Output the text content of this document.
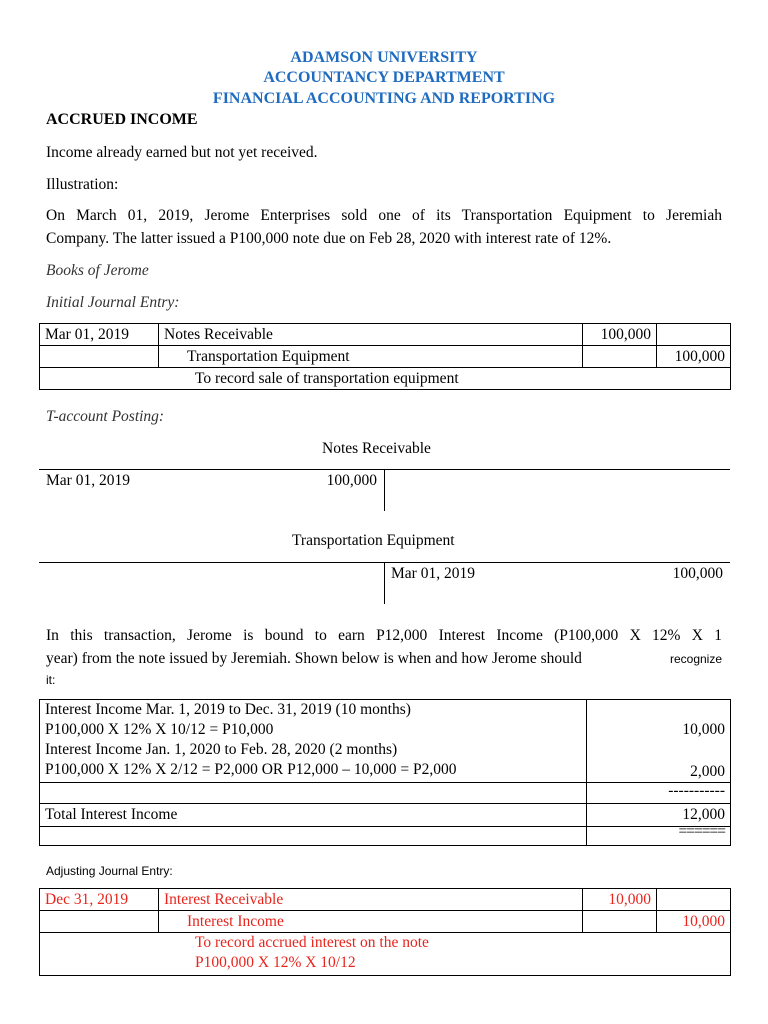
ADAMSON UNIVERSITY
ACCOUNTANCY DEPARTMENT
FINANCIAL ACCOUNTING AND REPORTING
ACCRUED INCOME
Income already earned but not yet received.
Illustration:
On March 01, 2019, Jerome Enterprises sold one of its Transportation Equipment to Jeremiah
Company. The latter issued a P100,000 note due on Feb 28, 2020 with interest rate of 12%.
Books of Jerome
Initial Journal Entry:
Mar 01, 2019	Notes Receivable	100,000	
	Transportation Equipment		100,000
To record sale of transportation equipment			
T-account Posting:
Notes Receivable
Mar 01, 2019	100,000
Transportation Equipment
Mar 01, 2019	100,000
In this transaction, Jerome is bound to earn P12,000 Interest Income (P100,000 X 12% X 1
year) from the note issued by Jeremiah. Shown below is when and how Jerome should	recognize
it:
Interest Income Mar. 1, 2019 to Dec. 31, 2019 (10 months)
P100,000 X 12% X 10/12 = P10,000	10,000

Interest Income Jan. 1, 2020 to Feb. 28, 2020 (2 months)
P100,000 X 12% X 2/12 = P2,000 OR P12,000 – 10,000 = P2,000	2,000
	-----------
Total Interest Income	12,000
	======
Adjusting Journal Entry:
Dec 31, 2019	Interest Receivable	10,000	
	Interest Income		10,000

To record accrued interest on the note
P100,000 X 12% X 10/12			
